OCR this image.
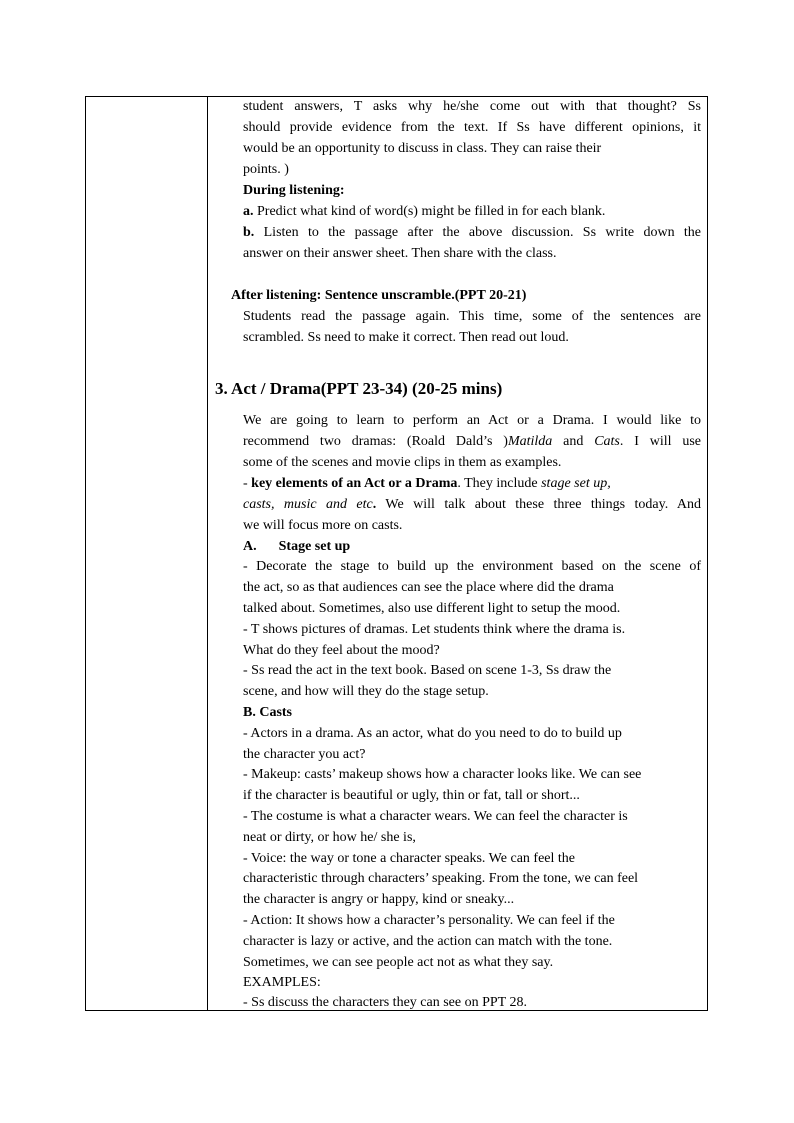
student answers, T asks why he/she come out with that thought? Ss
should provide evidence from the text. If Ss have different opinions, it
would be an opportunity to discuss in class. They can raise their
points. )
During listening:
a. Predict what kind of word(s) might be filled in for each blank.
b. Listen to the passage after the above discussion. Ss write down the
answer on their answer sheet. Then share with the class.
After listening: Sentence unscramble.(PPT 20-21)
Students read the passage again. This time, some of the sentences are
scrambled. Ss need to make it correct. Then read out loud.
3. Act / Drama(PPT 23-34) (20-25 mins)
We are going to learn to perform an Act or a Drama. I would like to
recommend two dramas: (Roald Dald’s )Matilda and Cats. I will use
some of the scenes and movie clips in them as examples.
- key elements of an Act or a Drama. They include stage set up,
casts, music and etc. We will talk about these three things today. And
we will focus more on casts.
A. Stage set up
- Decorate the stage to build up the environment based on the scene of
the act, so as that audiences can see the place where did the drama
talked about. Sometimes, also use different light to setup the mood.
- T shows pictures of dramas. Let students think where the drama is.
What do they feel about the mood?
- Ss read the act in the text book. Based on scene 1-3, Ss draw the
scene, and how will they do the stage setup.
B. Casts
- Actors in a drama. As an actor, what do you need to do to build up
the character you act?
- Makeup: casts’ makeup shows how a character looks like. We can see
if the character is beautiful or ugly, thin or fat, tall or short...
- The costume is what a character wears. We can feel the character is
neat or dirty, or how he/ she is,
- Voice: the way or tone a character speaks. We can feel the
characteristic through characters’ speaking. From the tone, we can feel
the character is angry or happy, kind or sneaky...
- Action: It shows how a character’s personality. We can feel if the
character is lazy or active, and the action can match with the tone.
Sometimes, we can see people act not as what they say.
EXAMPLES:
- Ss discuss the characters they can see on PPT 28.
